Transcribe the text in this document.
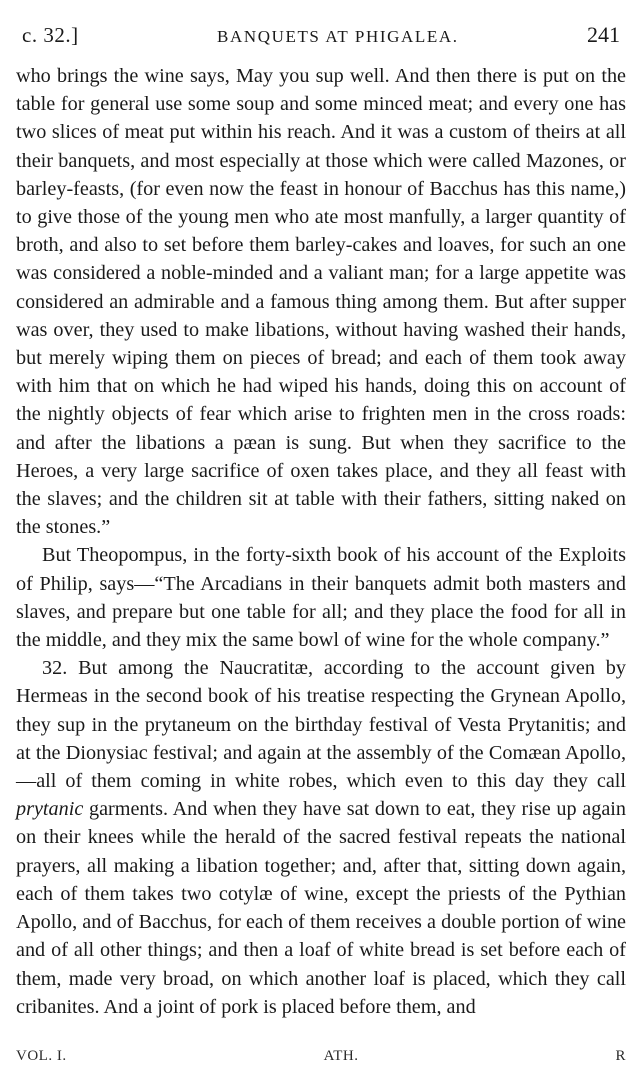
c. 32.]	BANQUETS AT PHIGALEA.	241

who brings the wine says, May you sup well. And then there is put on the table for general use some soup and some minced meat; and every one has two slices of meat put within his reach. And it was a custom of theirs at all their banquets, and most especially at those which were called Mazones, or barley-feasts, (for even now the feast in honour of Bacchus has this name,) to give those of the young men who ate most manfully, a larger quantity of broth, and also to set before them barley-cakes and loaves, for such an one was considered a noble-minded and a valiant man; for a large appetite was considered an admirable and a famous thing among them. But after supper was over, they used to make libations, without having washed their hands, but merely wiping them on pieces of bread; and each of them took away with him that on which he had wiped his hands, doing this on account of the nightly objects of fear which arise to frighten men in the cross roads: and after the libations a pæan is sung. But when they sacrifice to the Heroes, a very large sacrifice of oxen takes place, and they all feast with the slaves; and the children sit at table with their fathers, sitting naked on the stones.”

But Theopompus, in the forty-sixth book of his account of the Exploits of Philip, says—“The Arcadians in their banquets admit both masters and slaves, and prepare but one table for all; and they place the food for all in the middle, and they mix the same bowl of wine for the whole company.”

32. But among the Naucratitæ, according to the account given by Hermeas in the second book of his treatise respecting the Grynean Apollo, they sup in the prytaneum on the birthday festival of Vesta Prytanitis; and at the Dionysiac festival; and again at the assembly of the Comæan Apollo,—all of them coming in white robes, which even to this day they call prytanic garments. And when they have sat down to eat, they rise up again on their knees while the herald of the sacred festival repeats the national prayers, all making a libation together; and, after that, sitting down again, each of them takes two cotylæ of wine, except the priests of the Pythian Apollo, and of Bacchus, for each of them receives a double portion of wine and of all other things; and then a loaf of white bread is set before each of them, made very broad, on which another loaf is placed, which they call cribanites. And a joint of pork is placed before them, and

VOL. I.	ATH.	R
